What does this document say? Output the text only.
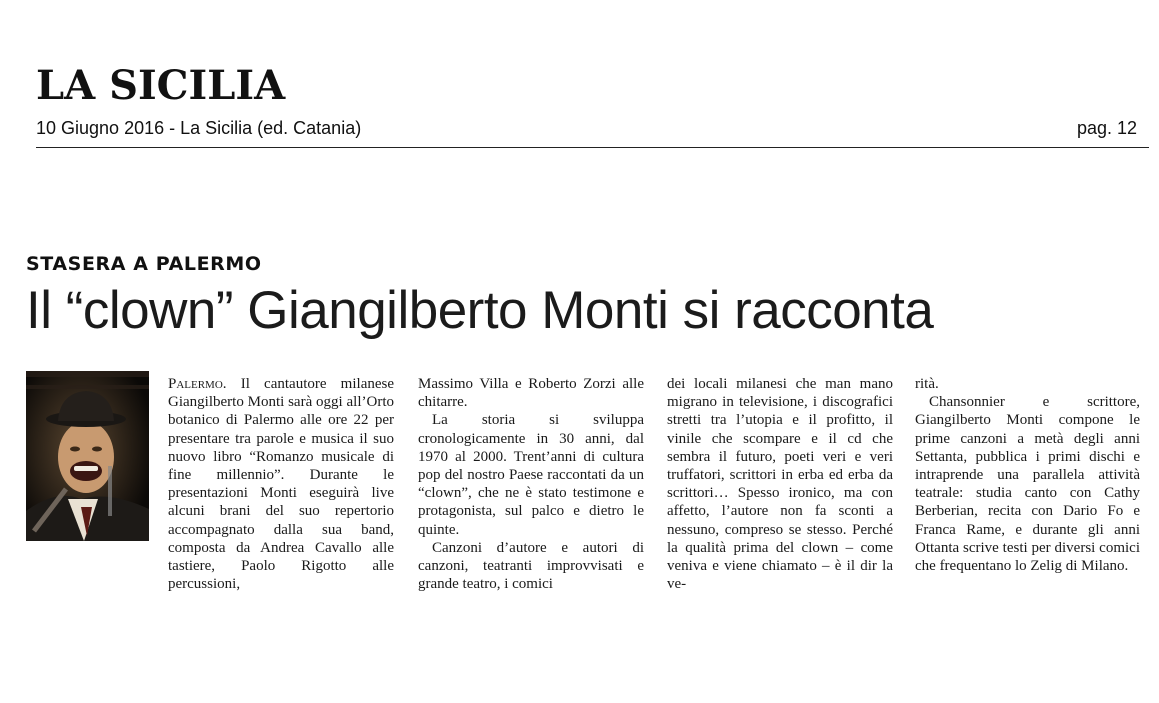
LA SICILIA
10 Giugno 2016 - La Sicilia (ed. Catania)	pag. 12
STASERA A PALERMO
Il “clown” Giangilberto Monti si racconta

Palermo. Il cantautore milanese Giangilberto Monti sarà oggi all’Orto botanico di Palermo alle ore 22 per presentare tra parole e musica il suo nuovo libro “Romanzo musicale di fine millennio”. Durante le presentazioni Monti eseguirà live alcuni brani del suo repertorio accompagnato dalla sua band, composta da Andrea Cavallo alle tastiere, Paolo Rigotto alle percussioni,

Massimo Villa e Roberto Zorzi alle chitarre.

La storia si sviluppa cronologicamente in 30 anni, dal 1970 al 2000. Trent’anni di cultura pop del nostro Paese raccontati da un “clown”, che ne è stato testimone e protagonista, sul palco e dietro le quinte.

Canzoni d’autore e autori di canzoni, teatranti improvvisati e grande teatro, i comici

dei locali milanesi che man mano migrano in televisione, i discografici stretti tra l’utopia e il profitto, il vinile che scompare e il cd che sembra il futuro, poeti veri e veri truffatori, scrittori in erba ed erba da scrittori… Spesso ironico, ma con affetto, l’autore non fa sconti a nessuno, compreso se stesso. Perché la qualità prima del clown – come veniva e viene chiamato – è il dir la ve-

rità.

Chansonnier e scrittore, Giangilberto Monti compone le prime canzoni a metà degli anni Settanta, pubblica i primi dischi e intraprende una parallela attività teatrale: studia canto con Cathy Berberian, recita con Dario Fo e Franca Rame, e durante gli anni Ottanta scrive testi per diversi comici che frequentano lo Zelig di Milano.
